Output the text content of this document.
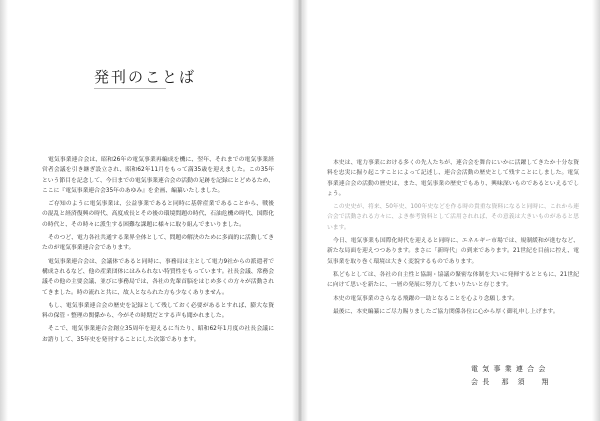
発刊のことば

電気事業連合会は、昭和26年の電気事業再編成を機に、翌年、それまでの電気事業経営者会議を引き継ぎ設立され、昭和62年11月をもって満35歳を迎えました。この35年という節目を記念して、今日までの電気事業連合会の活動の足跡を記録にとどめるため、ここに『電気事業連合会35年のあゆみ』を企画、編纂いたしました。

ご存知のように電気事業は、公益事業であると同時に基幹産業であることから、戦後の混乱と経済復興の時代、高度成長とその後の環境問題の時代、石油危機の時代、国際化の時代と、その時々に派生する困難な課題に様々に取り組んでまいりました。

そのつど、電力各社共通する業界全体として、問題の解決のために多面的に活動してきたのが電気事業連合会であります。

電気事業連合会は、会議体であると同時に、事務局は主として電力9社からの派遣者で構成されるなど、他の産業団体にはみられない特質性をもっています。社長会議、常務会議その他の主要会議、並びに事務局では、各社の先輩首脳をはじめ多くの方々が活動されてきました。時の流れと共に、故人となられた方も少なくありません。

もし、電気事業連合会の歴史を記録として残しておく必要があるとすれば、膨大な資料の保管・整理の関係から、今がその時期だとする声も聞かれました。

そこで、電気事業連合会創立35周年を迎えるに当たり、昭和62年1月度の社長会議にお諮りして、35年史を発刊することにした次第であります。

本史は、電力事業における多くの先人たちが、連合会を舞台にいかに活躍してきたか十分な資料を忠実に掘り起こすことによって記述し、連合会活動の歴史として残すことにしました。電気事業連合会の活動の歴史は、また、電気事業の歴史でもあり、興味深いものであるといえるでしょう。

この史史が、将来、50年史、100年史などを作る時の貴重な資料になると同時に、これから連合会で活動される方々に、よき参考資料として活用されれば、その意義は大きいものがあると思います。

今日、電気事業も国際化時代を迎えると同時に、エネルギー市場では、規制緩和が進むなど、新たな局面を迎えつつあります。まさに「新時代」の到来であります。21世紀を目前に控え、電気事業を取り巻く環境は大きく変貌するものであります。

私どもとしては、各社の自主性と協調・協議の緊密な体制を大いに発揮するとともに、21世紀に向けて思いを新たに、一層の発展に努力してまいりたいと存じます。

本史の電気事業のさらなる飛躍の一助となることを心より念願します。

最後に、本史編纂にご尽力賜りましたご協力関係各位に心から厚く御礼申し上げます。

電 気 事 業 連 合 会
会 長　 那　須　　翔
